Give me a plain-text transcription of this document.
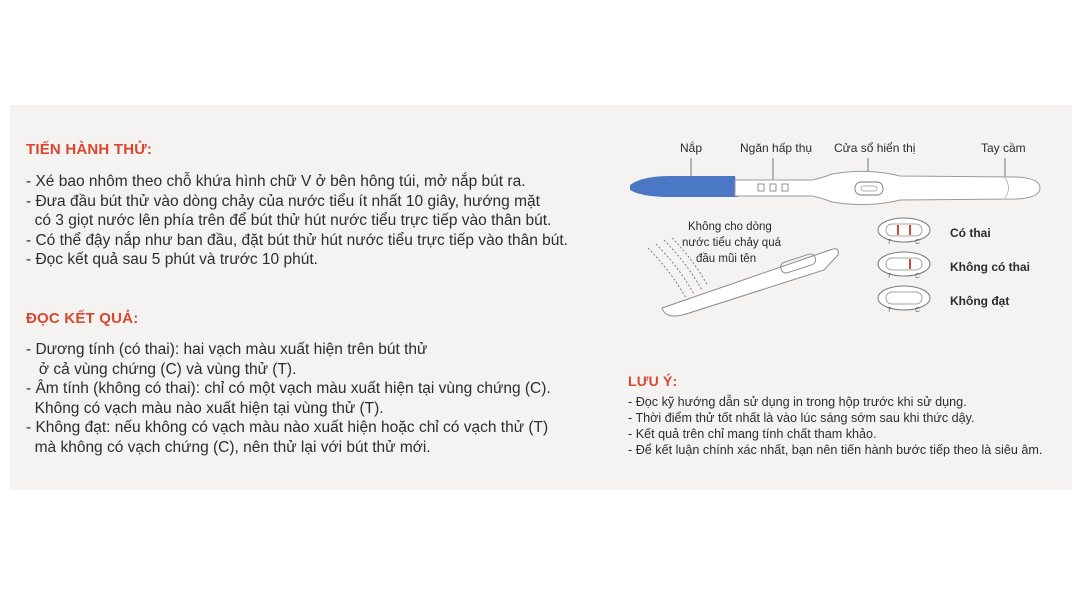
TIẾN HÀNH THỬ:
- Xé bao nhôm theo chỗ khứa hình chữ V ở bên hông túi, mở nắp bút ra.
- Đưa đầu bút thử vào dòng chảy của nước tiểu ít nhất 10 giây, hướng mặt
có 3 giọt nước lên phía trên để bút thử hút nước tiểu trực tiếp vào thân bút.
- Có thể đậy nắp như ban đầu, đặt bút thử hút nước tiểu trực tiếp vào thân bút.
- Đọc kết quả sau 5 phút và trước 10 phút.
ĐỌC KẾT QUẢ:
- Dương tính (có thai): hai vạch màu xuất hiện trên bút thử
ở cả vùng chứng (C) và vùng thử (T).
- Âm tính (không có thai): chỉ có một vạch màu xuất hiện tại vùng chứng (C).
Không có vạch màu nào xuất hiện tại vùng thử (T).
- Không đạt: nếu không có vạch màu nào xuất hiện hoặc chỉ có vạch thử (T)
mà không có vạch chứng (C), nên thử lại với bút thử mới.
LƯU Ý:
- Đọc kỹ hướng dẫn sử dụng in trong hộp trước khi sử dụng.
- Thời điểm thử tốt nhất là vào lúc sáng sớm sau khi thức dậy.
- Kết quả trên chỉ mang tính chất tham khảo.
- Để kết luận chính xác nhất, bạn nên tiến hành bước tiếp theo là siêu âm.
Nắp	Ngăn hấp thụ Cửa sổ hiển thị	Tay cầm
Không cho dòng
nước tiểu chảy quá
đầu mũi tên
T	C
Có thai
T	C
Không có thai
T	C
Không đạt
